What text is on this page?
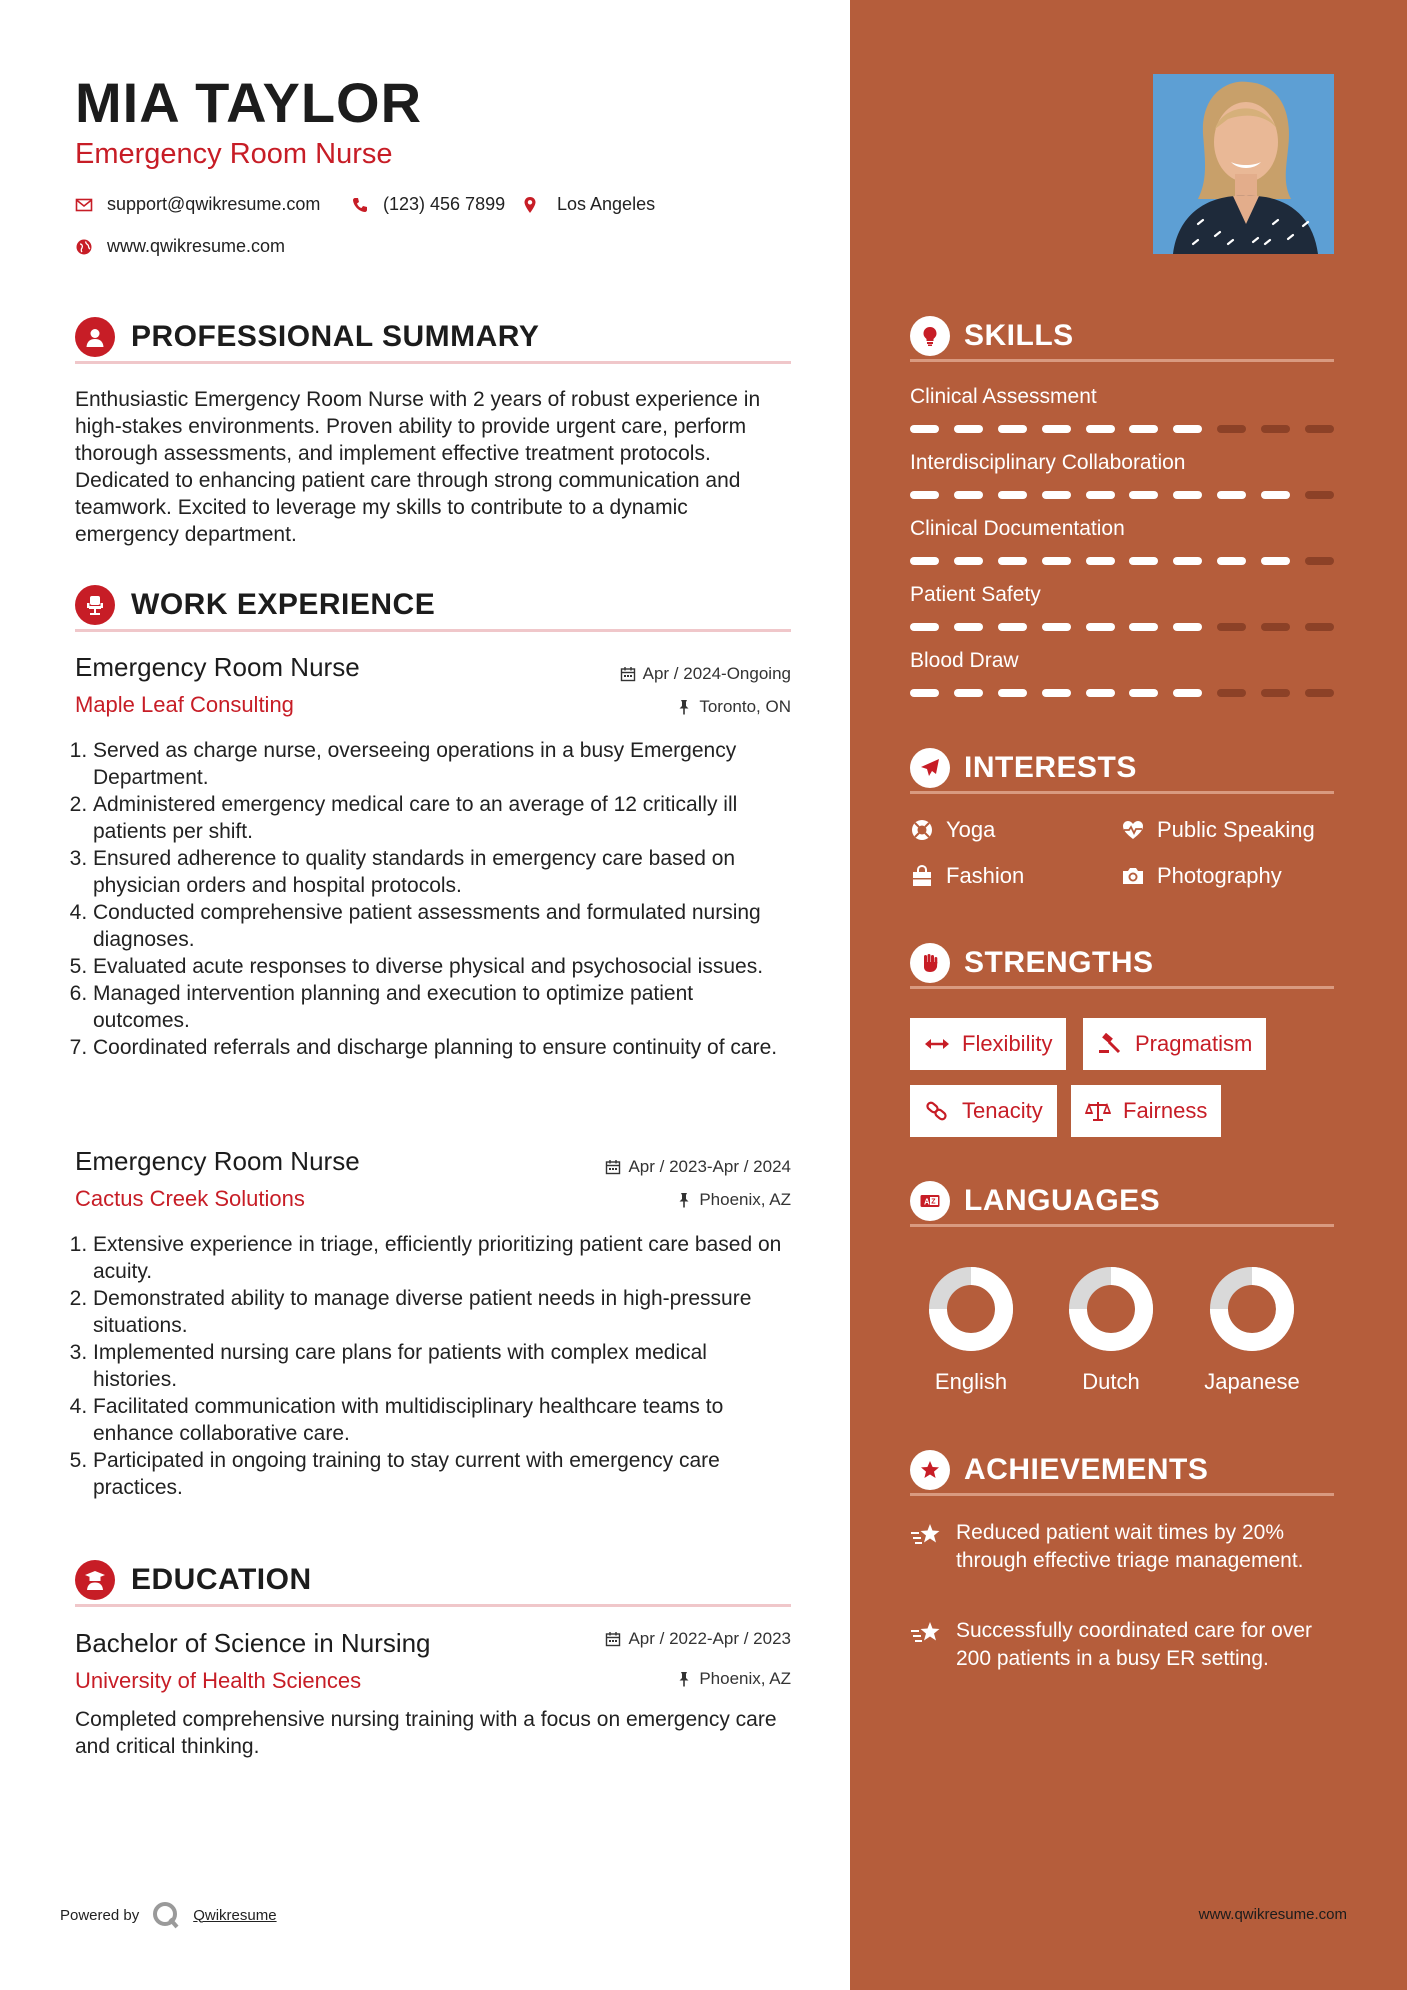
MIA TAYLOR
Emergency Room Nurse
support@qwikresume.com	(123) 456 7899	Los Angeles
www.qwikresume.com
PROFESSIONAL SUMMARY
Enthusiastic Emergency Room Nurse with 2 years of robust experience in high-stakes environments. Proven ability to provide urgent care, perform thorough assessments, and implement effective treatment protocols. Dedicated to enhancing patient care through strong communication and teamwork. Excited to leverage my skills to contribute to a dynamic emergency department.
WORK EXPERIENCE
Emergency Room Nurse
Maple Leaf Consulting
Apr / 2024-Ongoing
Toronto, ON
1. Served as charge nurse, overseeing operations in a busy Emergency Department.
2. Administered emergency medical care to an average of 12 critically ill patients per shift.
3. Ensured adherence to quality standards in emergency care based on physician orders and hospital protocols.
4. Conducted comprehensive patient assessments and formulated nursing diagnoses.
5. Evaluated acute responses to diverse physical and psychosocial issues.
6. Managed intervention planning and execution to optimize patient outcomes.
7. Coordinated referrals and discharge planning to ensure continuity of care.
Emergency Room Nurse
Cactus Creek Solutions
Apr / 2023-Apr / 2024
Phoenix, AZ
1. Extensive experience in triage, efficiently prioritizing patient care based on acuity.
2. Demonstrated ability to manage diverse patient needs in high-pressure situations.
3. Implemented nursing care plans for patients with complex medical histories.
4. Facilitated communication with multidisciplinary healthcare teams to enhance collaborative care.
5. Participated in ongoing training to stay current with emergency care practices.
EDUCATION
Bachelor of Science in Nursing
University of Health Sciences
Apr / 2022-Apr / 2023
Phoenix, AZ
Completed comprehensive nursing training with a focus on emergency care and critical thinking.
Powered by	Qwikresume
SKILLS
Clinical Assessment
Interdisciplinary Collaboration
Clinical Documentation
Patient Safety
Blood Draw
INTERESTS
Yoga	Public Speaking
Fashion	Photography
STRENGTHS
Flexibility	Pragmatism
Tenacity	Fairness
A Z LANGUAGES
English	Dutch	Japanese
ACHIEVEMENTS
Reduced patient wait times by 20% through effective triage management.
Successfully coordinated care for over 200 patients in a busy ER setting.
www.qwikresume.com
